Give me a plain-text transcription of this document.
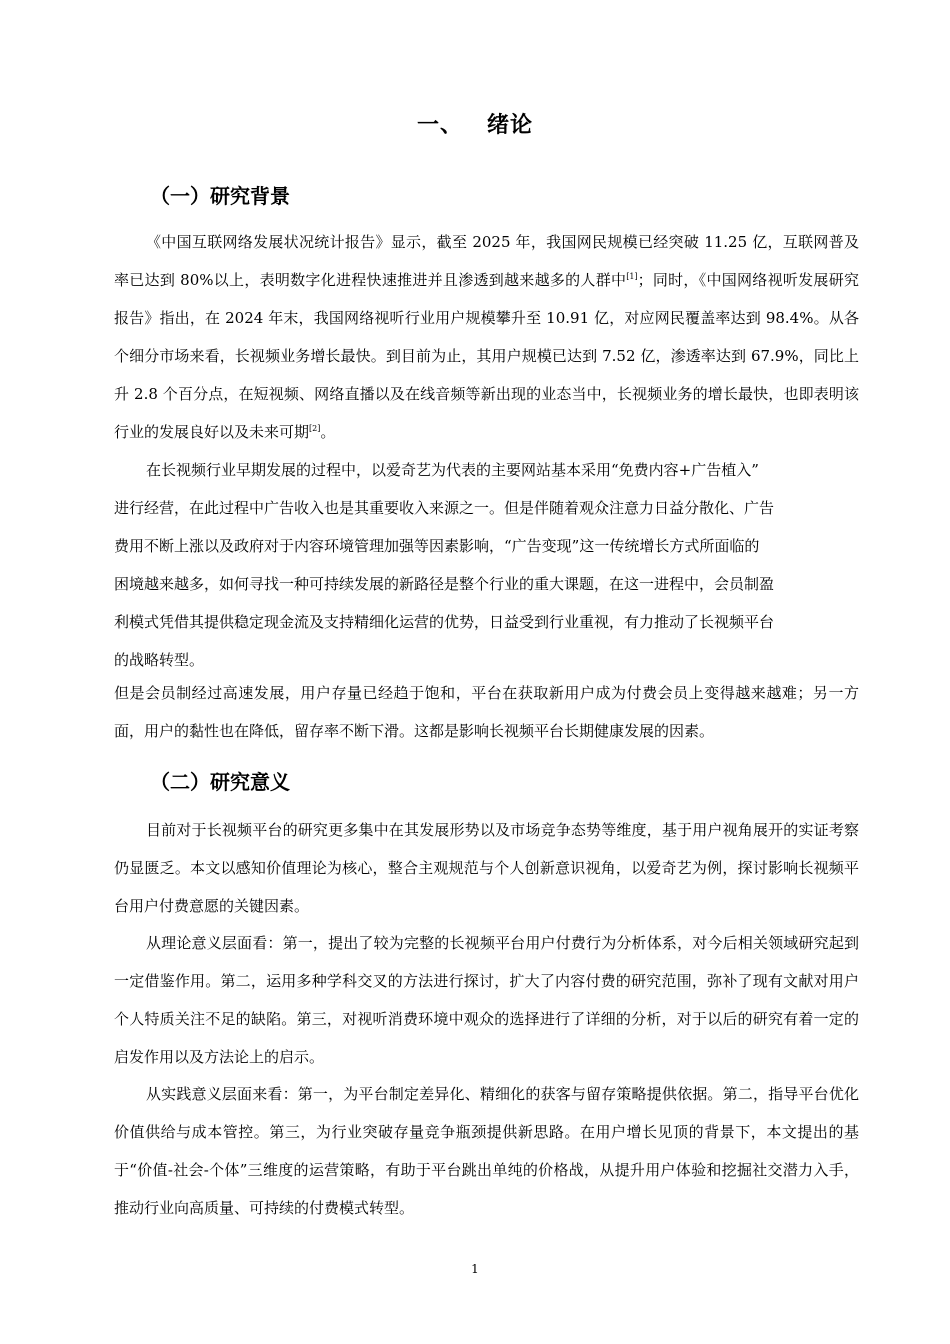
一、 绪论
（一）研究背景
《中国互联网络发展状况统计报告》显示，截至 2025 年，我国网民规模已经突破 11.25 亿，互联网普及率已达到 80%以上，表明数字化进程快速推进并且渗透到越来越多的人群中[1]；同时，《中国网络视听发展研究报告》指出，在 2024 年末，我国网络视听行业用户规模攀升至 10.91 亿，对应网民覆盖率达到 98.4%。从各个细分市场来看，长视频业务增长最快。到目前为止，其用户规模已达到 7.52 亿，渗透率达到 67.9%，同比上升 2.8 个百分点，在短视频、网络直播以及在线音频等新出现的业态当中，长视频业务的增长最快，也即表明该行业的发展良好以及未来可期[2]。
在长视频行业早期发展的过程中，以爱奇艺为代表的主要网站基本采用“免费内容+广告植入”
进行经营，在此过程中广告收入也是其重要收入来源之一。但是伴随着观众注意力日益分散化、广告
费用不断上涨以及政府对于内容环境管理加强等因素影响，“广告变现”这一传统增长方式所面临的
困境越来越多，如何寻找一种可持续发展的新路径是整个行业的重大课题，在这一进程中，会员制盈
利模式凭借其提供稳定现金流及支持精细化运营的优势，日益受到行业重视，有力推动了长视频平台
的战略转型。
但是会员制经过高速发展，用户存量已经趋于饱和，平台在获取新用户成为付费会员上变得越来越难；另一方面，用户的黏性也在降低，留存率不断下滑。这都是影响长视频平台长期健康发展的因素。
（二）研究意义
目前对于长视频平台的研究更多集中在其发展形势以及市场竞争态势等维度，基于用户视角展开的实证考察仍显匮乏。本文以感知价值理论为核心，整合主观规范与个人创新意识视角，以爱奇艺为例，探讨影响长视频平台用户付费意愿的关键因素。
从理论意义层面看：第一，提出了较为完整的长视频平台用户付费行为分析体系，对今后相关领域研究起到一定借鉴作用。第二，运用多种学科交叉的方法进行探讨，扩大了内容付费的研究范围，弥补了现有文献对用户个人特质关注不足的缺陷。第三，对视听消费环境中观众的选择进行了详细的分析，对于以后的研究有着一定的启发作用以及方法论上的启示。
从实践意义层面来看：第一，为平台制定差异化、精细化的获客与留存策略提供依据。第二，指导平台优化价值供给与成本管控。第三，为行业突破存量竞争瓶颈提供新思路。在用户增长见顶的背景下，本文提出的基于“价值-社会-个体”三维度的运营策略，有助于平台跳出单纯的价格战，从提升用户体验和挖掘社交潜力入手，推动行业向高质量、可持续的付费模式转型。
1
